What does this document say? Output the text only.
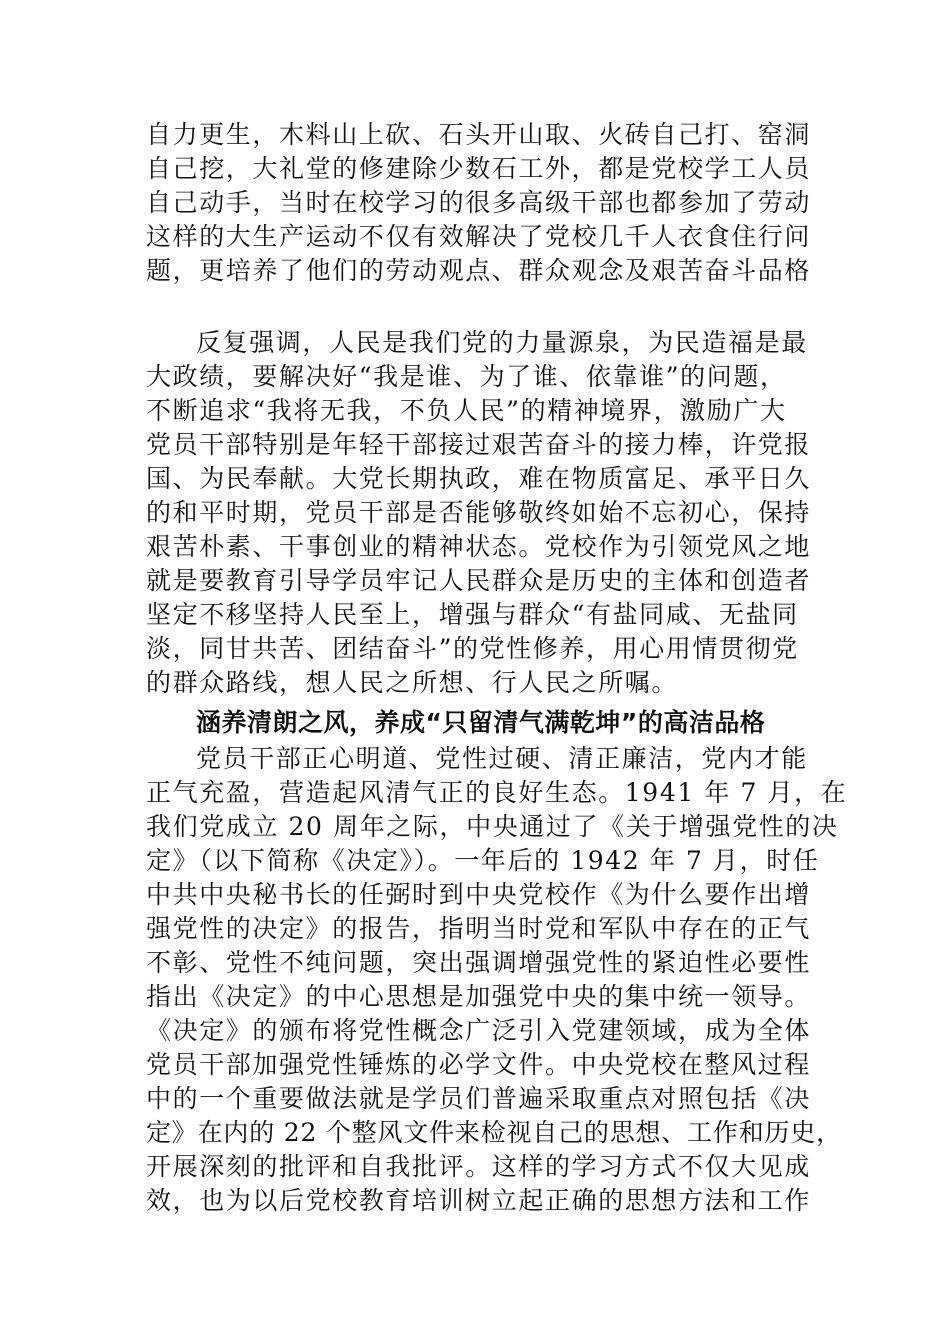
自力更生，木料山上砍、石头开山取、火砖自己打、窑洞
自己挖，大礼堂的修建除少数石工外，都是党校学工人员
自己动手，当时在校学习的很多高级干部也都参加了劳动
这样的大生产运动不仅有效解决了党校几千人衣食住行问
题，更培养了他们的劳动观点、群众观念及艰苦奋斗品格
反复强调，人民是我们党的力量源泉，为民造福是最
大政绩，要解决好“我是谁、为了谁、依靠谁”的问题，
不断追求“我将无我，不负人民”的精神境界，激励广大
党员干部特别是年轻干部接过艰苦奋斗的接力棒，许党报
国、为民奉献。大党长期执政，难在物质富足、承平日久
的和平时期，党员干部是否能够敬终如始不忘初心，保持
艰苦朴素、干事创业的精神状态。党校作为引领党风之地
就是要教育引导学员牢记人民群众是历史的主体和创造者
坚定不移坚持人民至上，增强与群众“有盐同咸、无盐同
淡，同甘共苦、团结奋斗”的党性修养，用心用情贯彻党
的群众路线，想人民之所想、行人民之所嘱。
涵养清朗之风，养成“只留清气满乾坤”的高洁品格
党员干部正心明道、党性过硬、清正廉洁，党内才能
正气充盈，营造起风清气正的良好生态。1941 年 7 月，在
我们党成立 20 周年之际，中央通过了《关于增强党性的决
定》（以下简称《决定》）。一年后的 1942 年 7 月，时任
中共中央秘书长的任弼时到中央党校作《为什么要作出增
强党性的决定》的报告，指明当时党和军队中存在的正气
不彰、党性不纯问题，突出强调增强党性的紧迫性必要性
指出《决定》的中心思想是加强党中央的集中统一领导。
《决定》的颁布将党性概念广泛引入党建领域，成为全体
党员干部加强党性锤炼的必学文件。中央党校在整风过程
中的一个重要做法就是学员们普遍采取重点对照包括《决
定》在内的 22 个整风文件来检视自己的思想、工作和历史，
开展深刻的批评和自我批评。这样的学习方式不仅大见成
效，也为以后党校教育培训树立起正确的思想方法和工作
